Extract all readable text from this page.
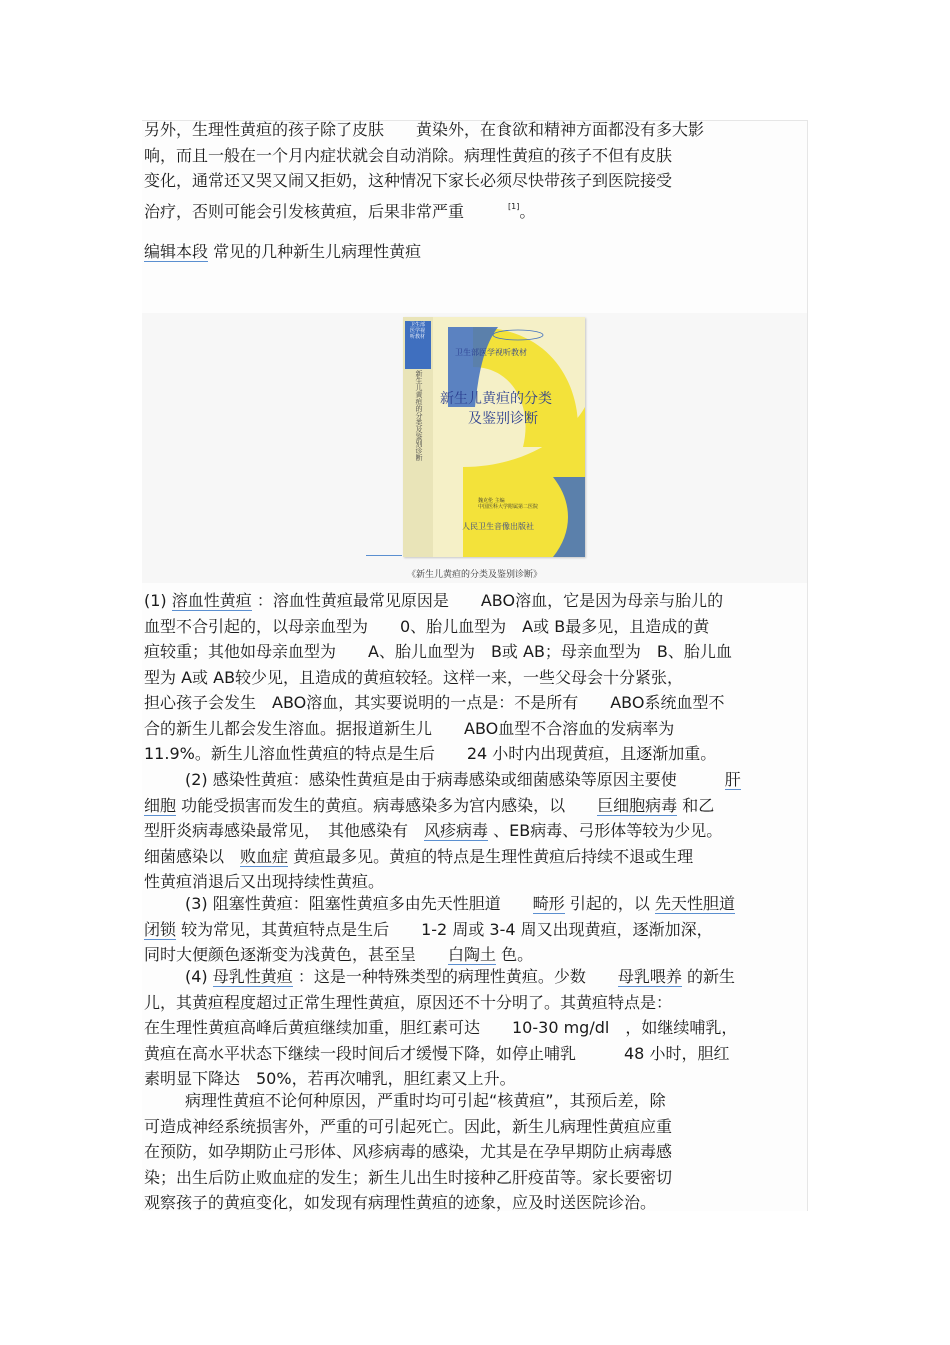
另外，生理性黄疸的孩子除了皮肤　　黄染外，在食欲和精神方面都没有多大影
响，而且一般在一个月内症状就会自动消除。病理性黄疸的孩子不但有皮肤
变化，通常还又哭又闹又拒奶，这种情况下家长必须尽快带孩子到医院接受
治疗，否则可能会引发核黄疸，后果非常严重	[1]。
编辑本段 常见的几种新生儿病理性黄疸
卫生部医学视听教材
卫生部医学视听教材
新生儿黄疸的分类
及鉴别诊断
新生儿黄疸的分类及鉴别诊断
魏克伦 主编
中国医科大学附属第二医院
人民卫生音像出版社
《新生儿黄疸的分类及鉴别诊断》
(1) 溶血性黄疸 ：溶血性黄疸最常见原因是　　ABO溶血，它是因为母亲与胎儿的
血型不合引起的，以母亲血型为　　0、胎儿血型为　A或 B最多见，且造成的黄
疸较重；其他如母亲血型为　　A、胎儿血型为　B或 AB；母亲血型为　B、胎儿血
型为 A或 AB较少见，且造成的黄疸较轻。这样一来，一些父母会十分紧张，
担心孩子会发生　ABO溶血，其实要说明的一点是：不是所有　　ABO系统血型不
合的新生儿都会发生溶血。据报道新生儿　　ABO血型不合溶血的发病率为
11.9%。新生儿溶血性黄疸的特点是生后　　24 小时内出现黄疸，且逐渐加重。
(2) 感染性黄疸：感染性黄疸是由于病毒感染或细菌感染等原因主要使　　　肝
细胞 功能受损害而发生的黄疸。病毒感染多为宫内感染，以　　巨细胞病毒 和乙
型肝炎病毒感染最常见，　其他感染有　风疹病毒 、EB病毒、弓形体等较为少见。
细菌感染以　败血症 黄疸最多见。黄疸的特点是生理性黄疸后持续不退或生理
性黄疸消退后又出现持续性黄疸。
(3) 阻塞性黄疸：阻塞性黄疸多由先天性胆道　　畸形 引起的，以 先天性胆道
闭锁 较为常见，其黄疸特点是生后　　1-2 周或 3-4 周又出现黄疸，逐渐加深，
同时大便颜色逐渐变为浅黄色，甚至呈　　白陶土 色。
(4) 母乳性黄疸 ：这是一种特殊类型的病理性黄疸。少数　　母乳喂养 的新生
儿，其黄疸程度超过正常生理性黄疸，原因还不十分明了。其黄疸特点是：
在生理性黄疸高峰后黄疸继续加重，胆红素可达　　10-30 mg/dl　，如继续哺乳，
黄疸在高水平状态下继续一段时间后才缓慢下降，如停止哺乳　　　48 小时，胆红
素明显下降达　50%，若再次哺乳，胆红素又上升。
病理性黄疸不论何种原因，严重时均可引起“核黄疸”，其预后差，除
可造成神经系统损害外，严重的可引起死亡。因此，新生儿病理性黄疸应重
在预防，如孕期防止弓形体、风疹病毒的感染，尤其是在孕早期防止病毒感
染；出生后防止败血症的发生；新生儿出生时接种乙肝疫苗等。家长要密切
观察孩子的黄疸变化，如发现有病理性黄疸的迹象，应及时送医院诊治。
